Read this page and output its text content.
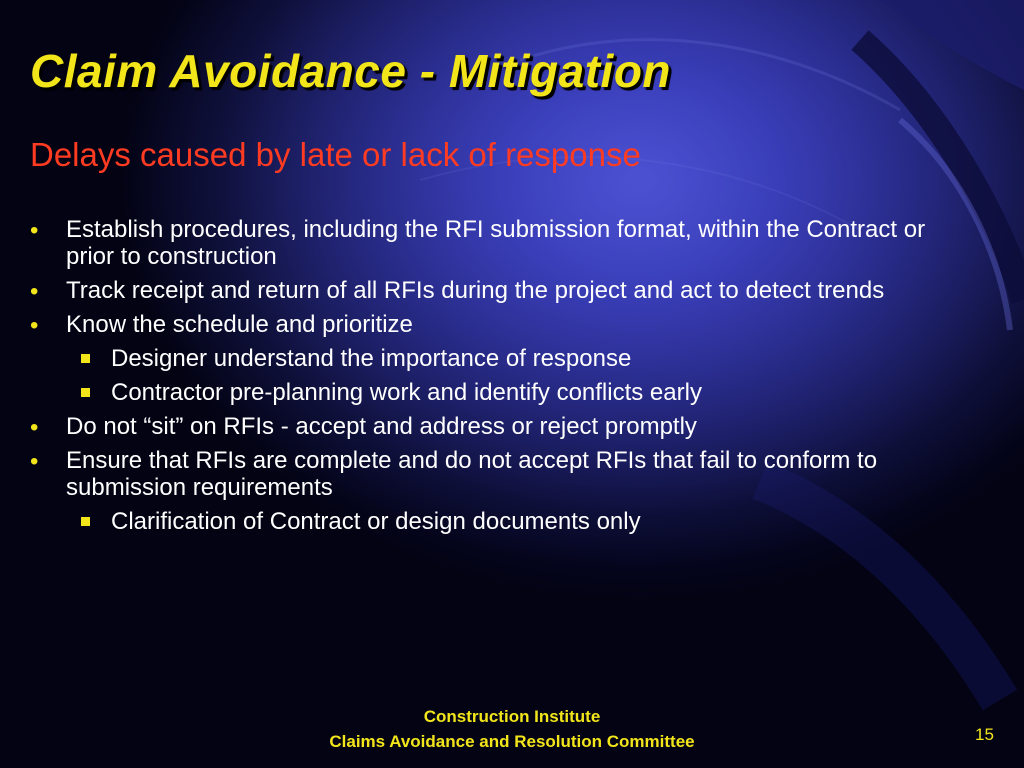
Claim Avoidance - Mitigation
Delays caused by late or lack of response
• Establish procedures, including the RFI submission format, within the Contract or prior to construction
• Track receipt and return of all RFIs during the project and act to detect trends
• Know the schedule and prioritize
Designer understand the importance of response
Contractor pre-planning work and identify conflicts early
• Do not “sit” on RFIs - accept and address or reject promptly
• Ensure that RFIs are complete and do not accept RFIs that fail to conform to submission requirements
Clarification of Contract or design documents only
Construction Institute
Claims Avoidance and Resolution Committee	15
